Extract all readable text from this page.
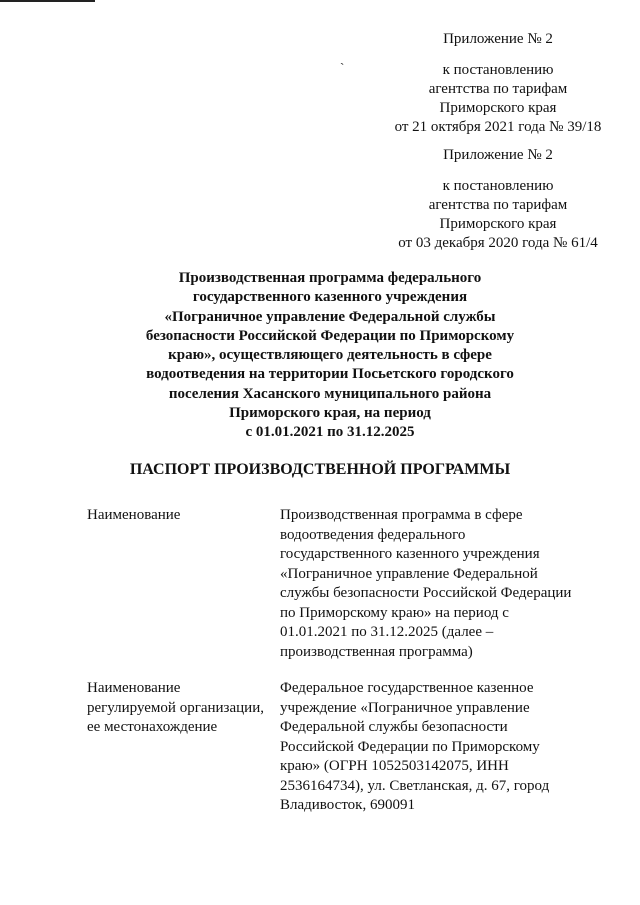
ˋ
Приложение № 2
к постановлению
агентства по тарифам
Приморского края
от 21 октября 2021 года № 39/18
Приложение № 2
к постановлению
агентства по тарифам
Приморского края
от 03 декабря 2020 года № 61/4
Производственная программа федерального
государственного казенного учреждения
«Пограничное управление Федеральной службы
безопасности Российской Федерации по Приморскому
краю», осуществляющего деятельность в сфере
водоотведения на территории Посьетского городского
поселения Хасанского муниципального района
Приморского края, на период
с 01.01.2021 по 31.12.2025
ПАСПОРТ ПРОИЗВОДСТВЕННОЙ ПРОГРАММЫ
Наименование	Производственная программа в сфере
водоотведения федерального
государственного казенного учреждения
«Пограничное управление Федеральной
службы безопасности Российской Федерации
по Приморскому краю» на период с
01.01.2021 по 31.12.2025 (далее –
производственная программа)
Наименование
регулируемой организации,
ее местонахождение
Федеральное государственное казенное
учреждение «Пограничное управление
Федеральной службы безопасности
Российской Федерации по Приморскому
краю» (ОГРН 1052503142075, ИНН
2536164734), ул. Светланская, д. 67, город
Владивосток, 690091
